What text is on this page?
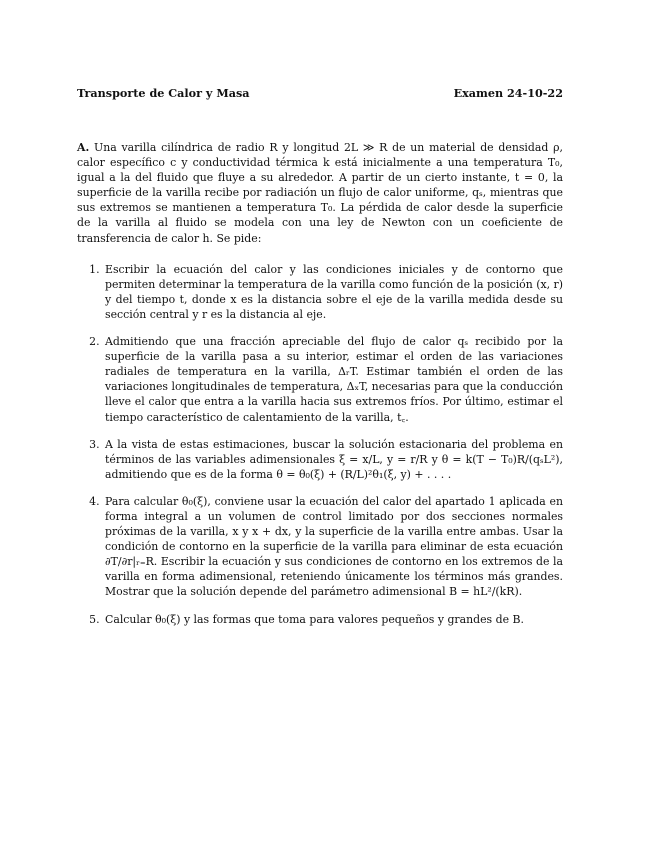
Transporte de Calor y Masa	Examen 24-10-22
A. Una varilla cilíndrica de radio R y longitud 2L ≫ R de un material de densidad ρ, calor específico c y conductividad térmica k está inicialmente a una temperatura T₀, igual a la del fluido que fluye a su alrededor. A partir de un cierto instante, t = 0, la superficie de la varilla recibe por radiación un flujo de calor uniforme, qₛ, mientras que sus extremos se mantienen a temperatura T₀. La pérdida de calor desde la superficie de la varilla al fluido se modela con una ley de Newton con un coeficiente de transferencia de calor h. Se pide:
1. Escribir la ecuación del calor y las condiciones iniciales y de contorno que permiten determinar la temperatura de la varilla como función de la posición (x, r) y del tiempo t, donde x es la distancia sobre el eje de la varilla medida desde su sección central y r es la distancia al eje.
2. Admitiendo que una fracción apreciable del flujo de calor qₛ recibido por la superficie de la varilla pasa a su interior, estimar el orden de las variaciones radiales de temperatura en la varilla, ΔᵣT. Estimar también el orden de las variaciones longitudinales de temperatura, ΔₓT, necesarias para que la conducción lleve el calor que entra a la varilla hacia sus extremos fríos. Por último, estimar el tiempo característico de calentamiento de la varilla, t꜀.
3. A la vista de estas estimaciones, buscar la solución estacionaria del problema en términos de las variables adimensionales ξ = x/L, y = r/R y θ = k(T − T₀)R/(qₛL²), admitiendo que es de la forma θ = θ₀(ξ) + (R/L)²θ₁(ξ, y) + . . . .
4. Para calcular θ₀(ξ), conviene usar la ecuación del calor del apartado 1 aplicada en forma integral a un volumen de control limitado por dos secciones normales próximas de la varilla, x y x + dx, y la superficie de la varilla entre ambas. Usar la condición de contorno en la superficie de la varilla para eliminar de esta ecuación ∂T/∂r|ᵣ₌R. Escribir la ecuación y sus condiciones de contorno en los extremos de la varilla en forma adimensional, reteniendo únicamente los términos más grandes. Mostrar que la solución depende del parámetro adimensional B = hL²/(kR).
5. Calcular θ₀(ξ) y las formas que toma para valores pequeños y grandes de B.
